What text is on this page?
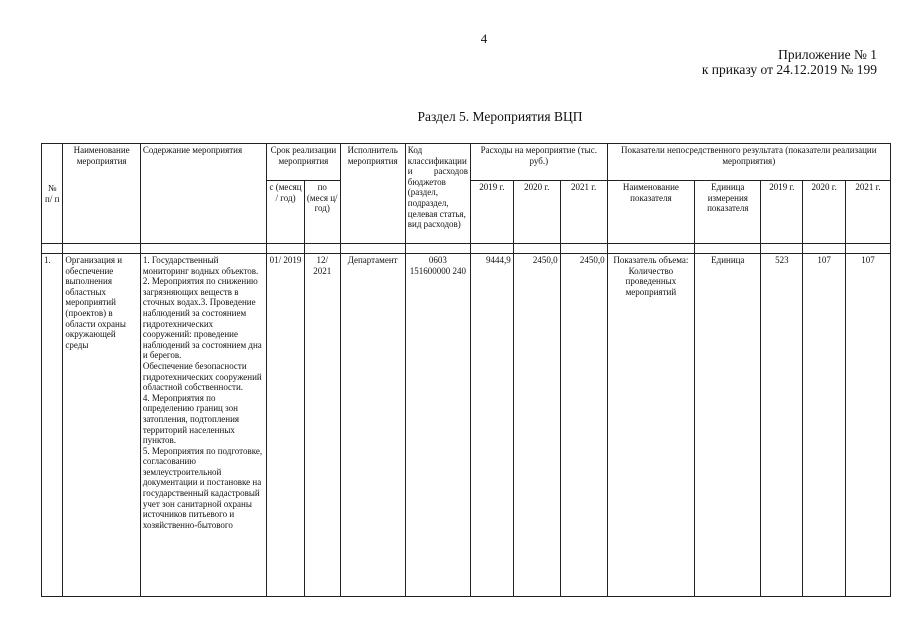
4
Приложение № 1
к приказу от 24.12.2019 № 199
Раздел 5. Мероприятия ВЦП
№ п/ п	Наименование мероприятия	Содержание мероприятия	Срок реализации мероприятия		Исполнитель мероприятия	Код классификации
и расходов
бюджетов (раздел, подраздел, целевая статья, вид расходов)	Расходы на мероприятие (тыс. руб.)			Показатели непосредственного результата (показатели реализации мероприятия)				
			с (месяц / год)	по (меся ц/ год)			2019 г.	2020 г.	2021 г.	Наименование показателя	Единица измерения показателя	2019 г.	2020 г.	2021 г.

1.	Организация и обеспечение выполнения областных мероприятий (проектов) в области охраны окружающей среды	1. Государственный мониторинг водных объектов.
2. Мероприятия по снижению загрязняющих веществ в сточных водах.3. Проведение наблюдений за состоянием гидротехнических сооружений: проведение наблюдений за состоянием дна и берегов.
Обеспечение безопасности гидротехнических сооружений областной собственности.
4. Мероприятия по определению границ зон затопления, подтопления территорий населенных пунктов.
5. Мероприятия по подготовке, согласованию землеустроительной документации и постановке на государственный кадастровый учет зон санитарной охраны источников питьевого и хозяйственно-бытового	01/ 2019	12/ 2021	Департамент	0603 151600000 240	9444,9	2450,0	2450,0	Показатель объема: Количество проведенных мероприятий	Единица	523	107	107
